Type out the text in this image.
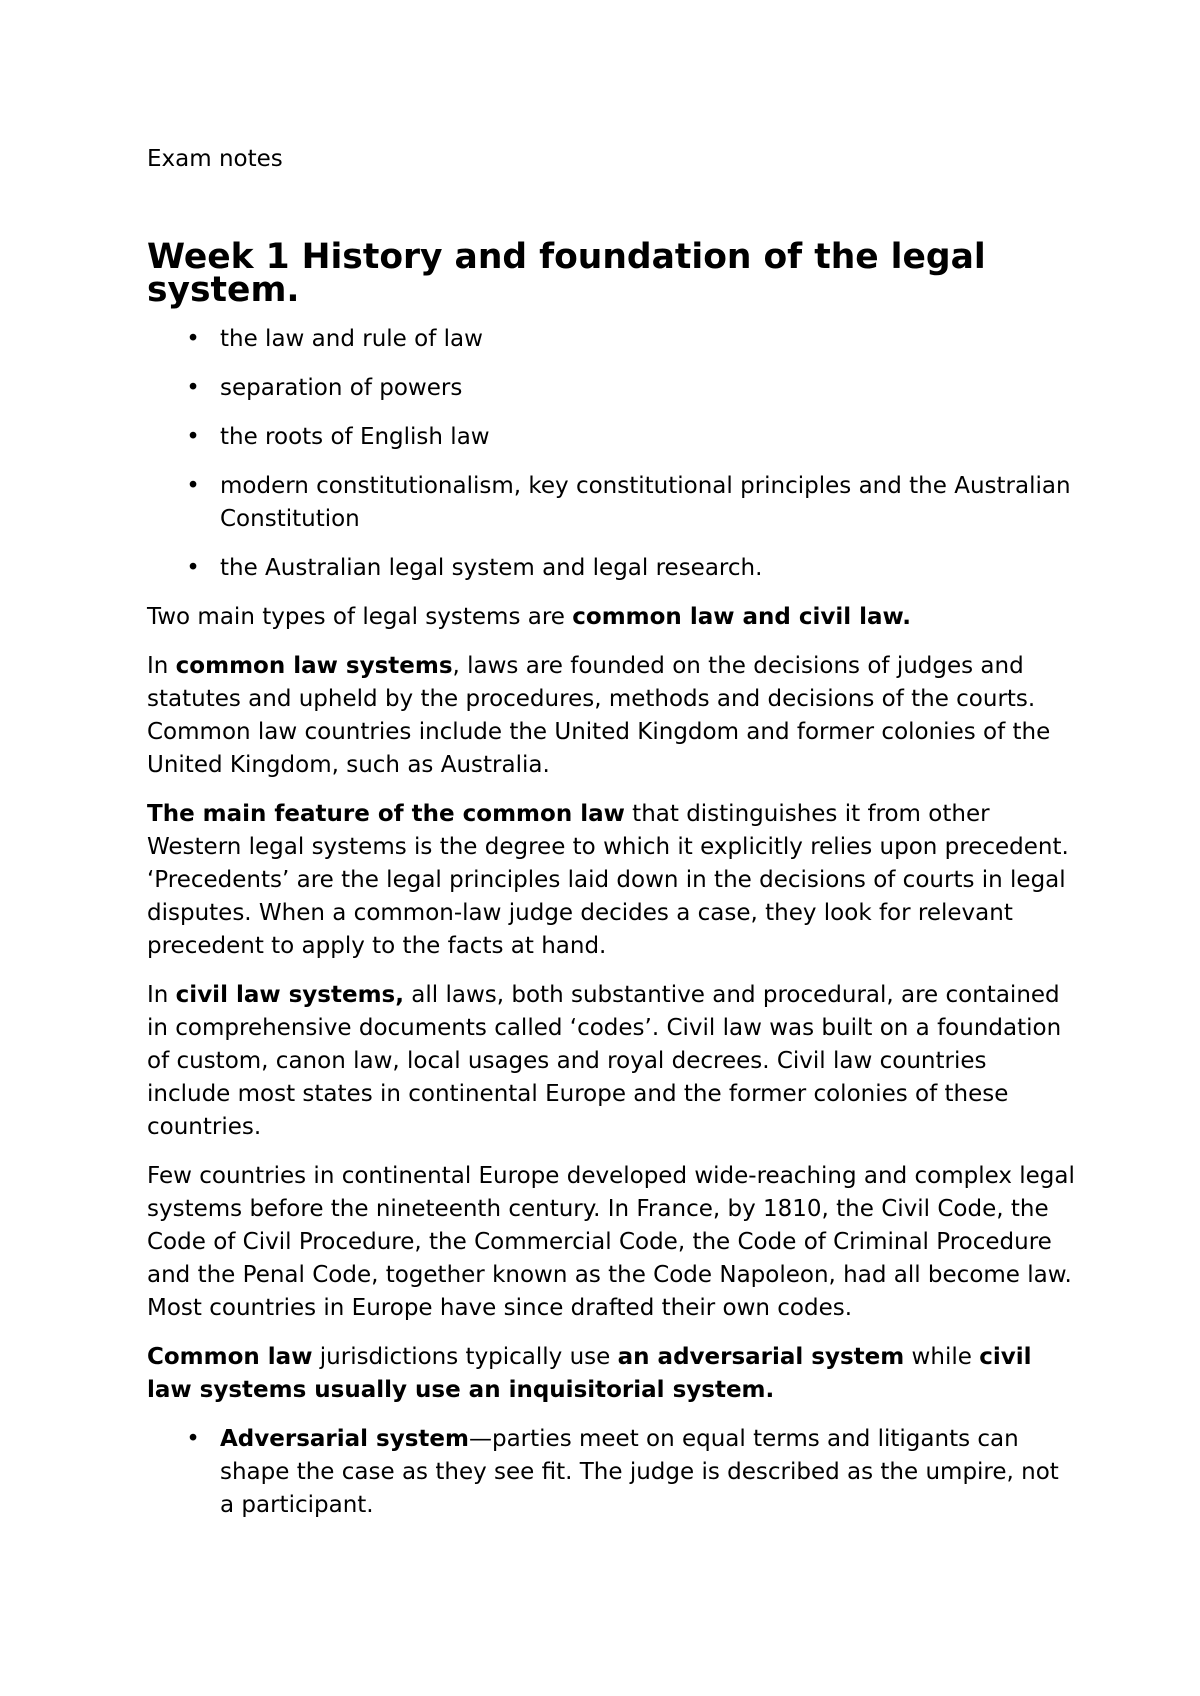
Exam notes
Week 1 History and foundation of the legal system.
• the law and rule of law
• separation of powers
• the roots of English law
• modern constitutionalism, key constitutional principles and the Australian Constitution
• the Australian legal system and legal research.

Two main types of legal systems are common law and civil law.

In common law systems, laws are founded on the decisions of judges and statutes and upheld by the procedures, methods and decisions of the courts. Common law countries include the United Kingdom and former colonies of the United Kingdom, such as Australia.

The main feature of the common law that distinguishes it from other Western legal systems is the degree to which it explicitly relies upon precedent. ‘Precedents’ are the legal principles laid down in the decisions of courts in legal disputes. When a common-law judge decides a case, they look for relevant precedent to apply to the facts at hand.

In civil law systems, all laws, both substantive and procedural, are contained in comprehensive documents called ‘codes’. Civil law was built on a foundation of custom, canon law, local usages and royal decrees. Civil law countries include most states in continental Europe and the former colonies of these countries.

Few countries in continental Europe developed wide-reaching and complex legal systems before the nineteenth century. In France, by 1810, the Civil Code, the Code of Civil Procedure, the Commercial Code, the Code of Criminal Procedure and the Penal Code, together known as the Code Napoleon, had all become law. Most countries in Europe have since drafted their own codes.

Common law jurisdictions typically use an adversarial system while civil law systems usually use an inquisitorial system.

• Adversarial system—parties meet on equal terms and litigants can shape the case as they see fit. The judge is described as the umpire, not a participant.
